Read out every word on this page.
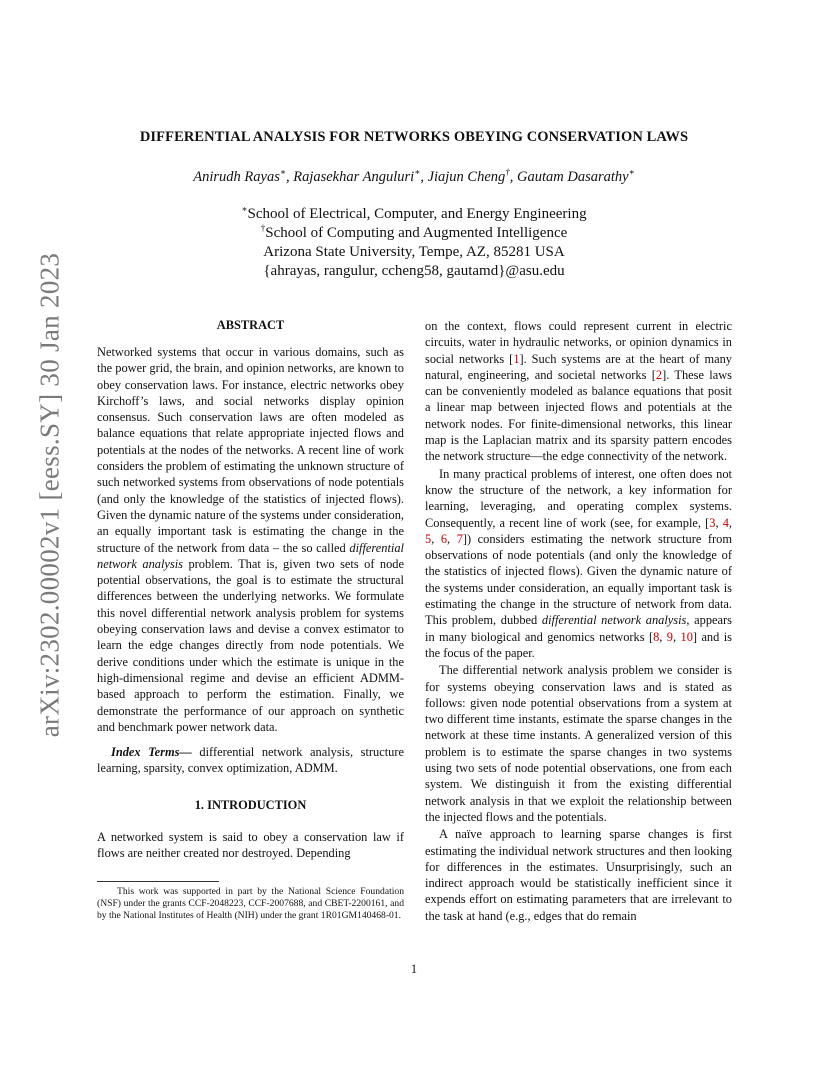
arXiv:2302.00002v1 [eess.SY] 30 Jan 2023
DIFFERENTIAL ANALYSIS FOR NETWORKS OBEYING CONSERVATION LAWS
Anirudh Rayas∗, Rajasekhar Anguluri∗, Jiajun Cheng†, Gautam Dasarathy∗
∗School of Electrical, Computer, and Energy Engineering
†School of Computing and Augmented Intelligence
Arizona State University, Tempe, AZ, 85281 USA
{ahrayas, rangulur, ccheng58, gautamd}@asu.edu
ABSTRACT

Networked systems that occur in various domains, such as the power grid, the brain, and opinion networks, are known to obey conservation laws. For instance, electric networks obey Kirchoff’s laws, and social networks display opinion consensus. Such conservation laws are often modeled as balance equations that relate appropriate injected flows and potentials at the nodes of the networks. A recent line of work considers the problem of estimating the unknown structure of such networked systems from observations of node potentials (and only the knowledge of the statistics of injected flows). Given the dynamic nature of the systems under consideration, an equally important task is estimating the change in the structure of the network from data – the so called differential network analysis problem. That is, given two sets of node potential observations, the goal is to estimate the structural differences between the underlying networks. We formulate this novel differential network analysis problem for systems obeying conservation laws and devise a convex estimator to learn the edge changes directly from node potentials. We derive conditions under which the estimate is unique in the high-dimensional regime and devise an efficient ADMM-based approach to perform the estimation. Finally, we demonstrate the performance of our approach on synthetic and benchmark power network data.

Index Terms— differential network analysis, structure learning, sparsity, convex optimization, ADMM.

1. INTRODUCTION

A networked system is said to obey a conservation law if flows are neither created nor destroyed. Depending

This work was supported in part by the National Science Foundation (NSF) under the grants CCF-2048223, CCF-2007688, and CBET-2200161, and by the National Institutes of Health (NIH) under the grant 1R01GM140468-01.

on the context, flows could represent current in electric circuits, water in hydraulic networks, or opinion dynamics in social networks [1]. Such systems are at the heart of many natural, engineering, and societal networks [2]. These laws can be conveniently modeled as balance equations that posit a linear map between injected flows and potentials at the network nodes. For finite-dimensional networks, this linear map is the Laplacian matrix and its sparsity pattern encodes the network structure—the edge connectivity of the network.

In many practical problems of interest, one often does not know the structure of the network, a key information for learning, leveraging, and operating complex systems. Consequently, a recent line of work (see, for example, [3, 4, 5, 6, 7]) considers estimating the network structure from observations of node potentials (and only the knowledge of the statistics of injected flows). Given the dynamic nature of the systems under consideration, an equally important task is estimating the change in the structure of network from data. This problem, dubbed differential network analysis, appears in many biological and genomics networks [8, 9, 10] and is the focus of the paper.

The differential network analysis problem we consider is for systems obeying conservation laws and is stated as follows: given node potential observations from a system at two different time instants, estimate the sparse changes in the network at these time instants. A generalized version of this problem is to estimate the sparse changes in two systems using two sets of node potential observations, one from each system. We distinguish it from the existing differential network analysis in that we exploit the relationship between the injected flows and the potentials.

A naïve approach to learning sparse changes is first estimating the individual network structures and then looking for differences in the estimates. Unsurprisingly, such an indirect approach would be statistically inefficient since it expends effort on estimating parameters that are irrelevant to the task at hand (e.g., edges that do remain

1
